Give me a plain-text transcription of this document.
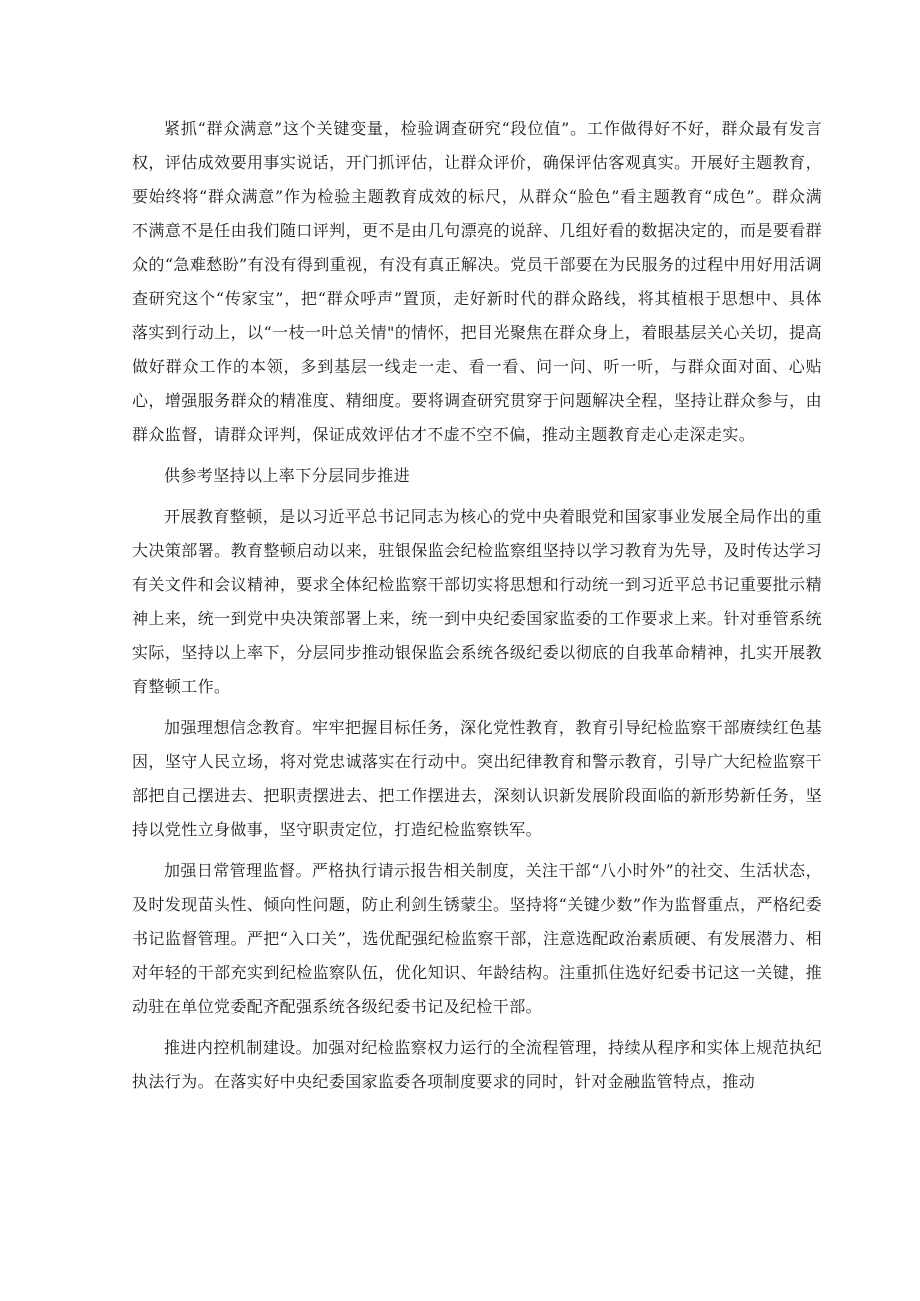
紧抓“群众满意”这个关键变量，检验调查研究“段位值”。工作做得好不好，群众最有发言权，评估成效要用事实说话，开门抓评估，让群众评价，确保评估客观真实。开展好主题教育，要始终将“群众满意”作为检验主题教育成效的标尺，从群众“脸色”看主题教育“成色”。群众满不满意不是任由我们随口评判，更不是由几句漂亮的说辞、几组好看的数据决定的，而是要看群众的“急难愁盼”有没有得到重视，有没有真正解决。党员干部要在为民服务的过程中用好用活调查研究这个“传家宝”，把“群众呼声”置顶，走好新时代的群众路线，将其植根于思想中、具体落实到行动上，以“一枝一叶总关情"的情怀，把目光聚焦在群众身上，着眼基层关心关切，提高做好群众工作的本领，多到基层一线走一走、看一看、问一问、听一听，与群众面对面、心贴心，增强服务群众的精准度、精细度。要将调查研究贯穿于问题解决全程，坚持让群众参与，由群众监督，请群众评判，保证成效评估才不虚不空不偏，推动主题教育走心走深走实。

供参考坚持以上率下分层同步推进

开展教育整顿，是以习近平总书记同志为核心的党中央着眼党和国家事业发展全局作出的重大决策部署。教育整顿启动以来，驻银保监会纪检监察组坚持以学习教育为先导，及时传达学习有关文件和会议精神，要求全体纪检监察干部切实将思想和行动统一到习近平总书记重要批示精神上来，统一到党中央决策部署上来，统一到中央纪委国家监委的工作要求上来。针对垂管系统实际，坚持以上率下，分层同步推动银保监会系统各级纪委以彻底的自我革命精神，扎实开展教育整顿工作。

加强理想信念教育。牢牢把握目标任务，深化党性教育，教育引导纪检监察干部赓续红色基因，坚守人民立场，将对党忠诚落实在行动中。突出纪律教育和警示教育，引导广大纪检监察干部把自己摆进去、把职责摆进去、把工作摆进去，深刻认识新发展阶段面临的新形势新任务，坚持以党性立身做事，坚守职责定位，打造纪检监察铁军。

加强日常管理监督。严格执行请示报告相关制度，关注干部“八小时外”的社交、生活状态，及时发现苗头性、倾向性问题，防止利剑生锈蒙尘。坚持将“关键少数”作为监督重点，严格纪委书记监督管理。严把“入口关”，选优配强纪检监察干部，注意选配政治素质硬、有发展潜力、相对年轻的干部充实到纪检监察队伍，优化知识、年龄结构。注重抓住选好纪委书记这一关键，推动驻在单位党委配齐配强系统各级纪委书记及纪检干部。

推进内控机制建设。加强对纪检监察权力运行的全流程管理，持续从程序和实体上规范执纪执法行为。在落实好中央纪委国家监委各项制度要求的同时，针对金融监管特点，推动
